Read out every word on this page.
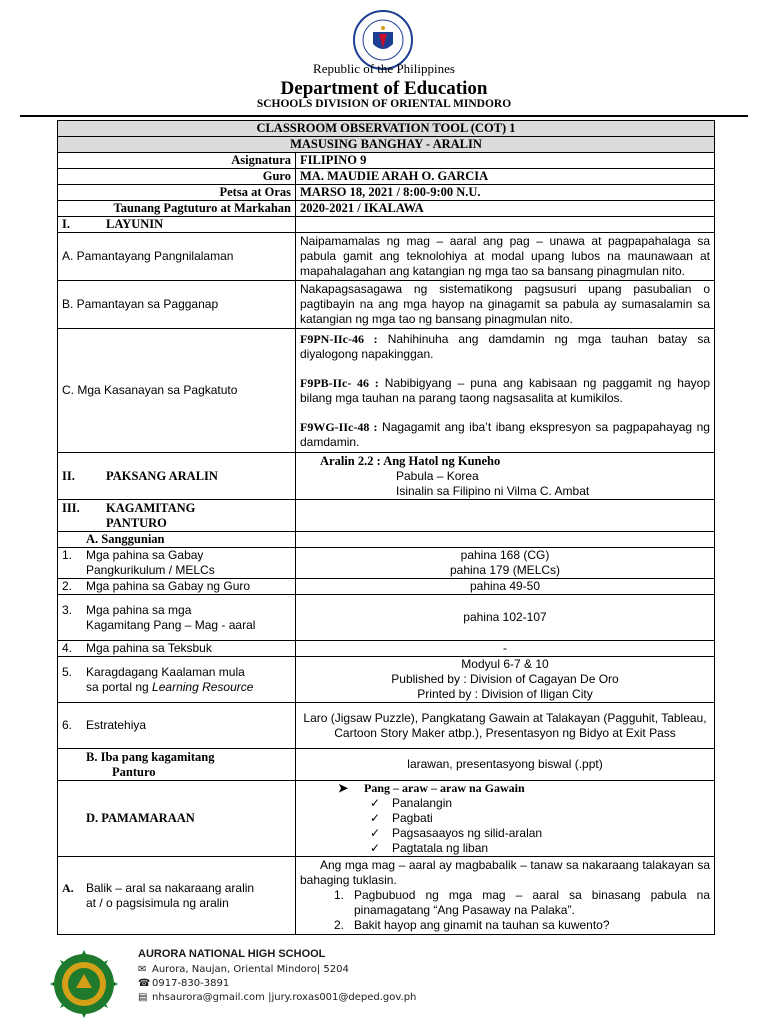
Republic of the Philippines
Department of Education
SCHOOLS DIVISION OF ORIENTAL MINDORO
CLASSROOM OBSERVATION TOOL (COT) 1	
MASUSING BANGHAY - ARALIN	
Asignatura	FILIPINO 9
Guro	MA. MAUDIE ARAH O. GARCIA
Petsa at Oras	MARSO 18, 2021 / 8:00-9:00 N.U.
Taunang Pagtuturo at Markahan	2020-2021 / IKALAWA
I. LAYUNIN	
A. Pamantayang Pangnilalaman	Naipamamalas ng mag – aaral ang pag – unawa at pagpapahalaga sa pabula gamit ang teknolohiya at modal upang lubos na maunawaan at mapahalagahan ang katangian ng mga tao sa bansang pinagmulan nito.
B. Pamantayan sa Pagganap	Nakapagsasagawa ng sistematikong pagsusuri upang pasubalian o pagtibayin na ang mga hayop na ginagamit sa pabula ay sumasalamin sa katangian ng mga tao ng bansang pinagmulan nito.
C. Mga Kasanayan sa Pagkatuto	F9PN-IIc-46 : Nahihinuha ang damdamin ng mga tauhan batay sa diyalogong napakinggan.
F9PB-IIc- 46 : Nabibigyang – puna ang kabisaan ng paggamit ng hayop bilang mga tauhan na parang taong nagsasalita at kumikilos.
F9WG-IIc-48 : Nagagamit ang iba’t ibang ekspresyon sa pagpapahayag ng damdamin.

II. PAKSANG ARALIN	Aralin 2.2 : Ang Hatol ng Kuneho
Pabula – Korea
Isinalin sa Filipino ni Vilma C. Ambat

III. KAGAMITANG
PANTURO	

A. Sanggunian	
1. Mga pahina sa Gabay Pangkurikulum / MELCs	pahina 168 (CG)
pahina 179 (MELCs)

2. Mga pahina sa Gabay ng Guro	pahina 49-50
3. Mga pahina sa mga Kagamitang Pang – Mag - aaral	pahina 102-107
4. Mga pahina sa Teksbuk	-
5. Karagdagang Kaalaman mula sa portal ng Learning Resource	Modyul 6-7 & 10
Published by : Division of Cagayan De Oro
Printed by : Division of Iligan City

6. Estratehiya	Laro (Jigsaw Puzzle), Pangkatang Gawain at Talakayan (Pagguhit, Tableau, Cartoon Story Maker atbp.), Presentasyon ng Bidyo at Exit Pass

B. Iba pang kagamitang
Panturo	larawan, presentasyong biswal (.ppt)
D. PAMAMARAAN	➤ Pang – araw – araw na Gawain
✓ Panalangin
✓ Pagbati
✓ Pagsasaayos ng silid-aralan
✓ Pagtatala ng liban

A. Balik – aral sa nakaraang aralin at / o pagsisimula ng aralin	Ang mga mag – aaral ay magbabalik – tanaw sa nakaraang talakayan sa bahaging tuklasin.
1. Pagbubuod ng mga mag – aaral sa binasang pabula na pinamagatang “Ang Pasaway na Palaka”.
2. Bakit hayop ang ginamit na tauhan sa kuwento?
AURORA NATIONAL HIGH SCHOOL
✉ Aurora, Naujan, Oriental Mindoro| 5204
☎ 0917-830-3891
▤ nhsaurora@gmail.com |jury.roxas001@deped.gov.ph
